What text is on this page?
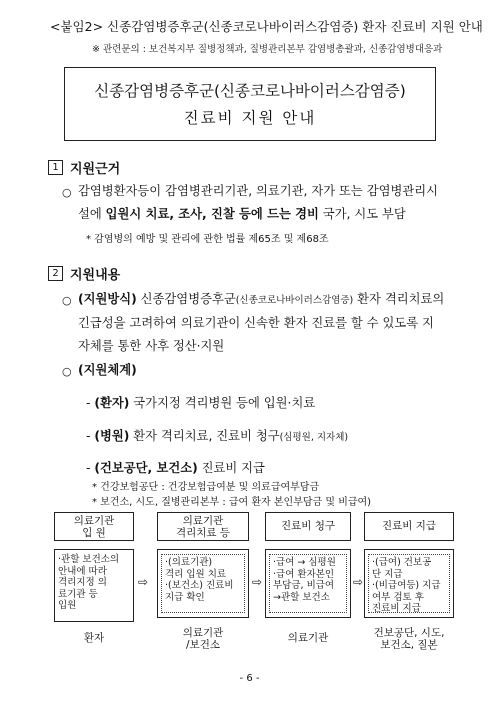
<붙임2> 신종감염병증후군(신종코로나바이러스감염증) 환자 진료비 지원 안내
※ 관련문의 : 보건복지부 질병정책과, 질병관리본부 감염병총괄과, 신종감염병대응과
신종감염병증후군(신종코로나바이러스감염증)
진료비 지원 안내
1 지원근거
○ 감염병환자등이 감염병관리기관, 의료기관, 자가 또는 감염병관리시
설에 입원시 치료, 조사, 진찰 등에 드는 경비 국가, 시도 부담
* 감염병의 예방 및 관리에 관한 법률 제65조 및 제68조
2 지원내용
○ (지원방식) 신종감염병증후군(신종코로나바이러스감염증) 환자 격리치료의
긴급성을 고려하여 의료기관이 신속한 환자 진료를 할 수 있도록 지
자체를 통한 사후 정산·지원
○ (지원체계)
- (환자) 국가지정 격리병원 등에 입원·치료
- (병원) 환자 격리치료, 진료비 청구(심평원, 지자체)
- (건보공단, 보건소) 진료비 지급
* 건강보험공단 : 건강보험급여분 및 의료급여부담금
* 보건소, 시도, 질병관리본부 : 급여 환자 본인부담금 및 비급여)
의료기관
입 원
의료기관
격리치료 등
진료비 청구	진료비 지급
·관할 보건소의
안내에 따라
격리지정 의
료기관 등
입원
⇨
·(의료기관)
격리 입원 치료
·(보건소) 진료비
지급 확인
⇨
·급여 → 심평원
·급여 환자본인
부담금, 비급여
→관할 보건소
⇨
·(급여) 건보공
단 지급
·(비급여등) 지급
여부 검토 후
진료비 지급
환자	의료기관
/보건소
의료기관	건보공단, 시도,
보건소, 질본
- 6 -
